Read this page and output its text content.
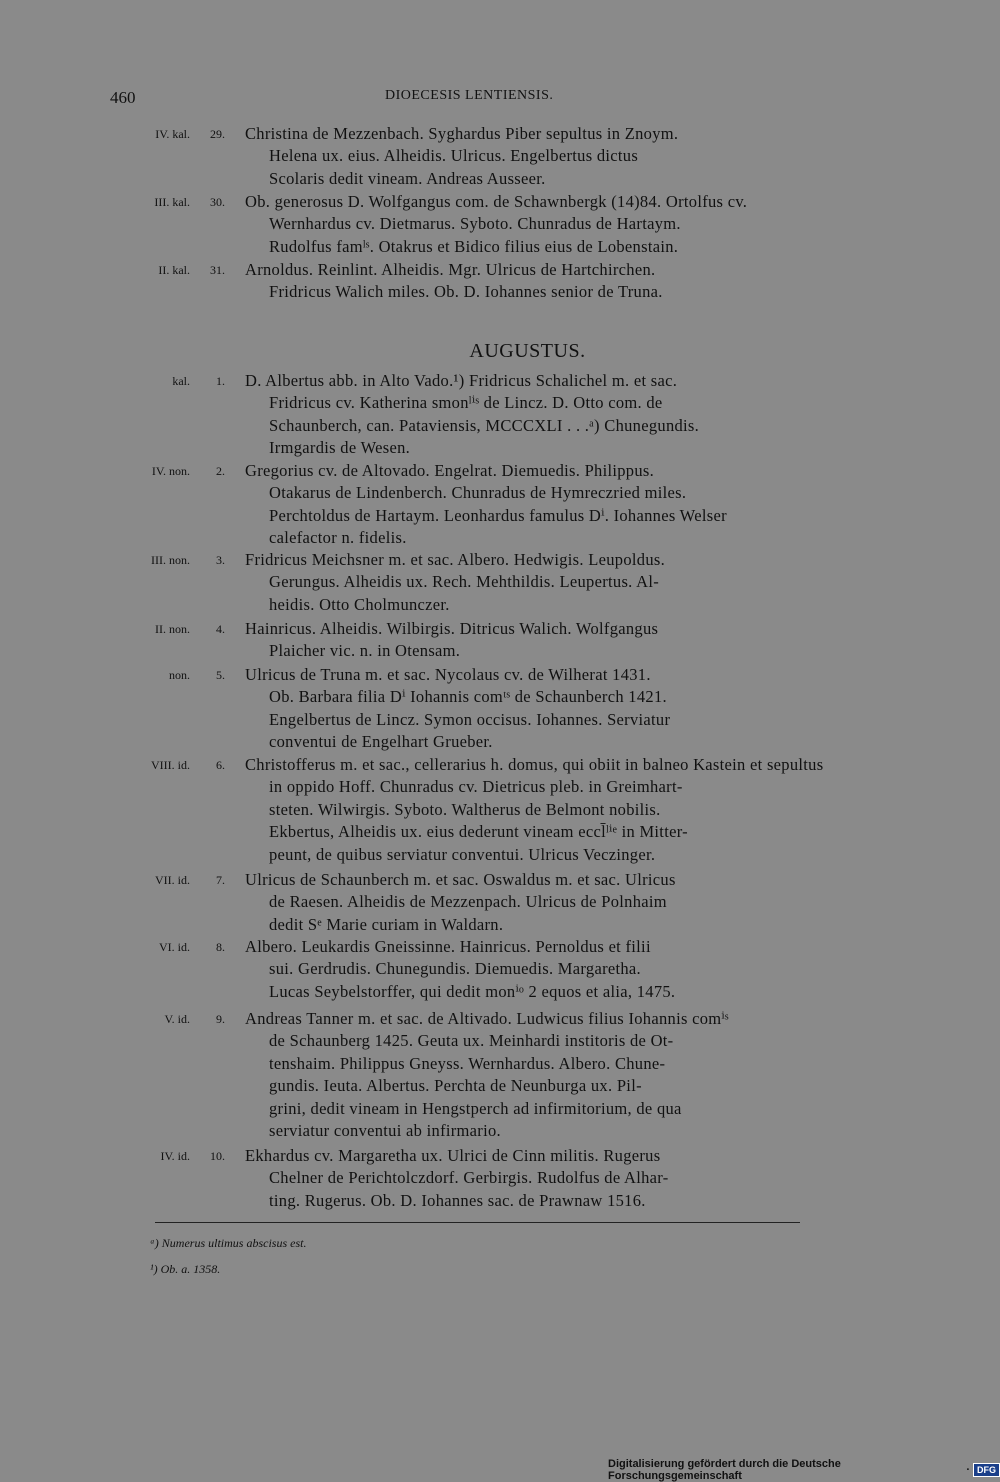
460	DIOECESIS LENTIENSIS.
IV. kal.	29. Christina de Mezzenbach. Syghardus Piber sepultus in Znoym.
Helena ux. eius. Alheidis. Ulricus. Engelbertus dictus
Scolaris dedit vineam. Andreas Ausseer.
III. kal.	30. Ob. generosus D. Wolfgangus com. de Schawnbergk (14)84. Ortolfus cv.
Wernhardus cv. Dietmarus. Syboto. Chunradus de Hartaym.
Rudolfus famˡˢ. Otakrus et Bidico filius eius de Lobenstain.
II. kal.	31. Arnoldus. Reinlint. Alheidis. Mgr. Ulricus de Hartchirchen.
Fridricus Walich miles. Ob. D. Iohannes senior de Truna.
AUGUSTUS.
kal.	1. D. Albertus abb. in Alto Vado.¹) Fridricus Schalichel m. et sac.
Fridricus cv. Katherina smonˡⁱˢ de Lincz. D. Otto com. de
Schaunberch, can. Pataviensis, MCCCXLI . . .ᵃ) Chunegundis.
Irmgardis de Wesen.
IV. non.	2. Gregorius cv. de Altovado. Engelrat. Diemuedis. Philippus.
Otakarus de Lindenberch. Chunradus de Hymreczried miles.
Perchtoldus de Hartaym. Leonhardus famulus Dⁱ. Iohannes Welser
calefactor n. fidelis.
III. non.	3. Fridricus Meichsner m. et sac. Albero. Hedwigis. Leupoldus.
Gerungus. Alheidis ux. Rech. Mehthildis. Leupertus. Al-
heidis. Otto Cholmunczer.
II. non.	4. Hainricus. Alheidis. Wilbirgis. Ditricus Walich. Wolfgangus
Plaicher vic. n. in Otensam.
non.	5. Ulricus de Truna m. et sac. Nycolaus cv. de Wilherat 1431.
Ob. Barbara filia Dⁱ Iohannis comᵗˢ de Schaunberch 1421.
Engelbertus de Lincz. Symon occisus. Iohannes. Serviatur
conventui de Engelhart Grueber.
VIII. id.	6. Christofferus m. et sac., cellerarius h. domus, qui obiit in balneo Kastein et sepultus
in oppido Hoff. Chunradus cv. Dietricus pleb. in Greimhart-
steten. Wilwirgis. Syboto. Waltherus de Belmont nobilis.
Ekbertus, Alheidis ux. eius dederunt vineam eccl̄ˡⁱᵉ in Mitter-
peunt, de quibus serviatur conventui. Ulricus Veczinger.
VII. id.	7. Ulricus de Schaunberch m. et sac. Oswaldus m. et sac. Ulricus
de Raesen. Alheidis de Mezzenpach. Ulricus de Polnhaim
dedit Sᵉ Marie curiam in Waldarn.
VI. id.	8. Albero. Leukardis Gneissinne. Hainricus. Pernoldus et filii
sui. Gerdrudis. Chunegundis. Diemuedis. Margaretha.
Lucas Seybelstorffer, qui dedit monⁱᵒ 2 equos et alia, 1475.
V. id.	9. Andreas Tanner m. et sac. de Altivado. Ludwicus filius Iohannis comⁱˢ
de Schaunberg 1425. Geuta ux. Meinhardi institoris de Ot-
tenshaim. Philippus Gneyss. Wernhardus. Albero. Chune-
gundis. Ieuta. Albertus. Perchta de Neunburga ux. Pil-
grini, dedit vineam in Hengstperch ad infirmitorium, de qua
serviatur conventui ab infirmario.
IV. id.	10. Ekhardus cv. Margaretha ux. Ulrici de Cinn militis. Rugerus
Chelner de Perichtolczdorf. Gerbirgis. Rudolfus de Alhar-
ting. Rugerus. Ob. D. Iohannes sac. de Prawnaw 1516.
ᵃ) Numerus ultimus abscisus est.
¹) Ob. a. 1358.
Digitalisierung gefördert durch die Deutsche Forschungsgemeinschaft	· DFG
